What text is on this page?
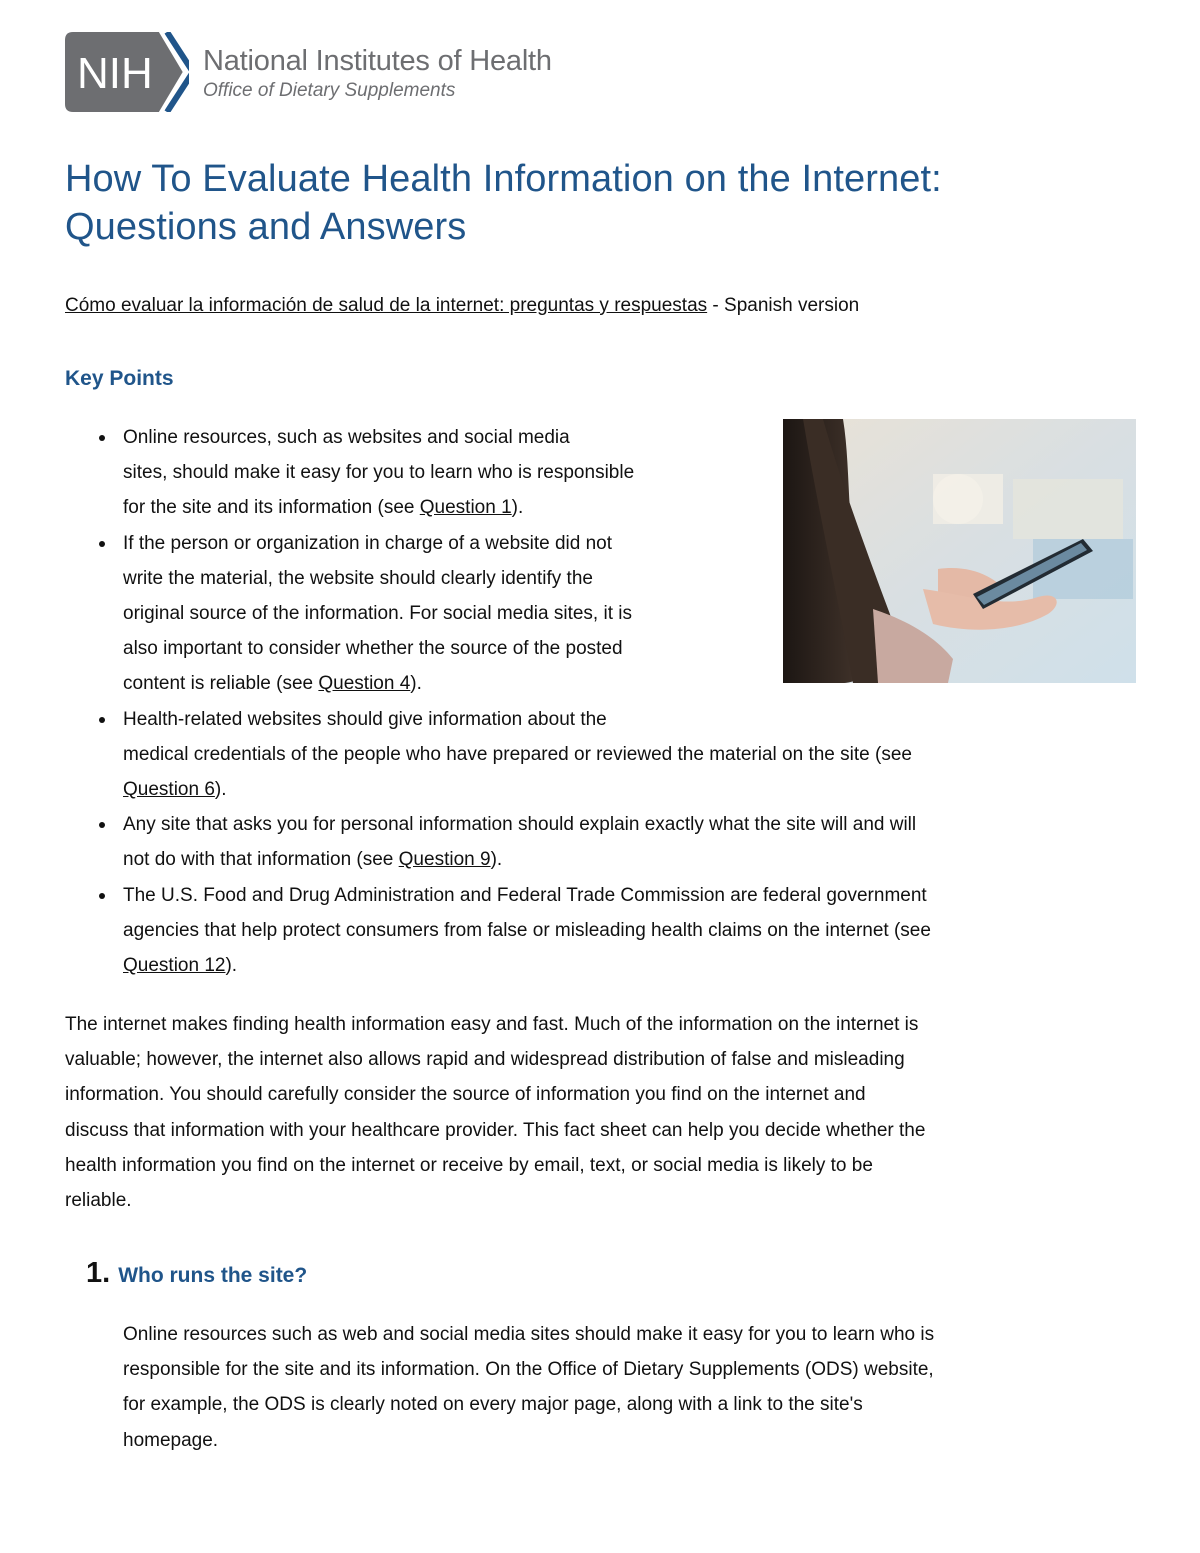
NIH National Institutes of Health
Office of Dietary Supplements
How To Evaluate Health Information on the Internet:
Questions and Answers
Cómo evaluar la información de salud de la internet: preguntas y respuestas - Spanish version
Key Points
Online resources, such as websites and social media
sites, should make it easy for you to learn who is responsible
for the site and its information (see Question 1).
If the person or organization in charge of a website did not
write the material, the website should clearly identify the
original source of the information. For social media sites, it is
also important to consider whether the source of the posted
content is reliable (see Question 4).
Health-related websites should give information about the
medical credentials of the people who have prepared or reviewed the material on the site (see
Question 6).
Any site that asks you for personal information should explain exactly what the site will and will
not do with that information (see Question 9).
The U.S. Food and Drug Administration and Federal Trade Commission are federal government
agencies that help protect consumers from false or misleading health claims on the internet (see
Question 12).

The internet makes finding health information easy and fast. Much of the information on the internet is
valuable; however, the internet also allows rapid and widespread distribution of false and misleading
information. You should carefully consider the source of information you find on the internet and
discuss that information with your healthcare provider. This fact sheet can help you decide whether the
health information you find on the internet or receive by email, text, or social media is likely to be
reliable.

1. Who runs the site?

Online resources such as web and social media sites should make it easy for you to learn who is
responsible for the site and its information. On the Office of Dietary Supplements (ODS) website,
for example, the ODS is clearly noted on every major page, along with a link to the site's
homepage.
